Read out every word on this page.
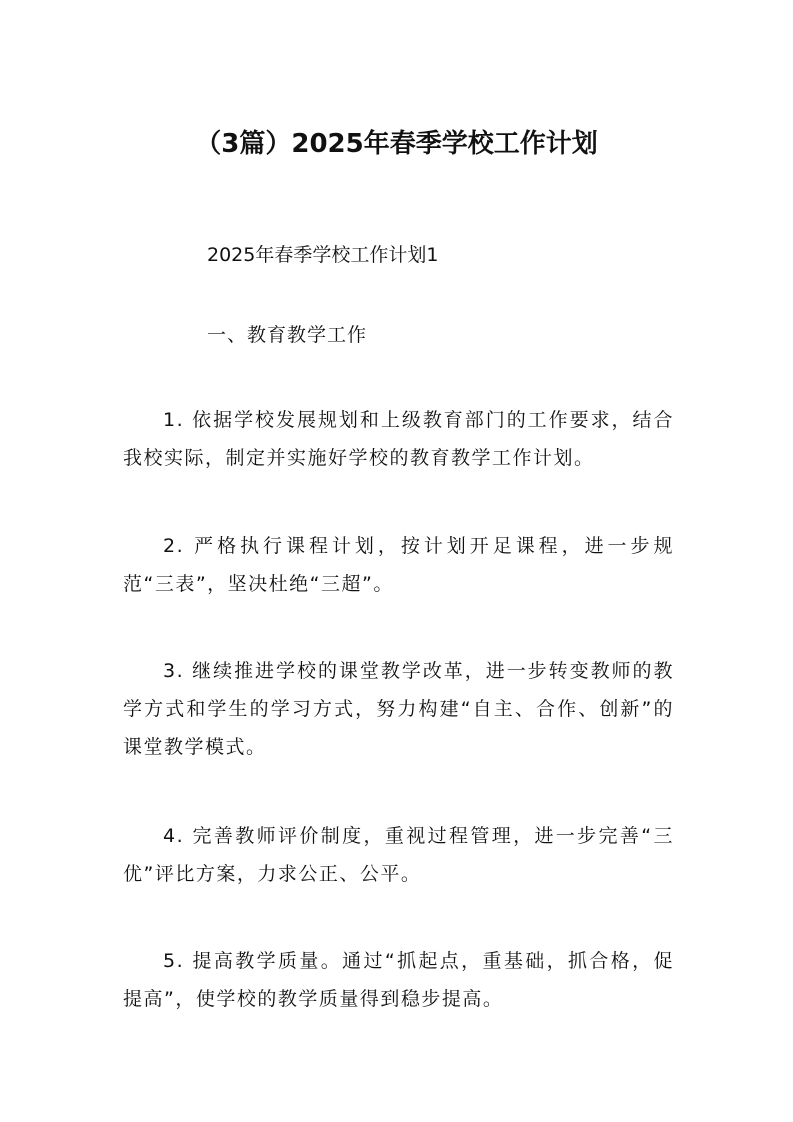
（3篇）2025年春季学校工作计划
2025年春季学校工作计划1
一、教育教学工作
1. 依据学校发展规划和上级教育部门的工作要求，结合我校实际，制定并实施好学校的教育教学工作计划。
2. 严格执行课程计划，按计划开足课程，进一步规范“三表”，坚决杜绝“三超”。
3. 继续推进学校的课堂教学改革，进一步转变教师的教学方式和学生的学习方式，努力构建“自主、合作、创新”的课堂教学模式。
4. 完善教师评价制度，重视过程管理，进一步完善“三优”评比方案，力求公正、公平。
5. 提高教学质量。通过“抓起点，重基础，抓合格，促提高”，使学校的教学质量得到稳步提高。
